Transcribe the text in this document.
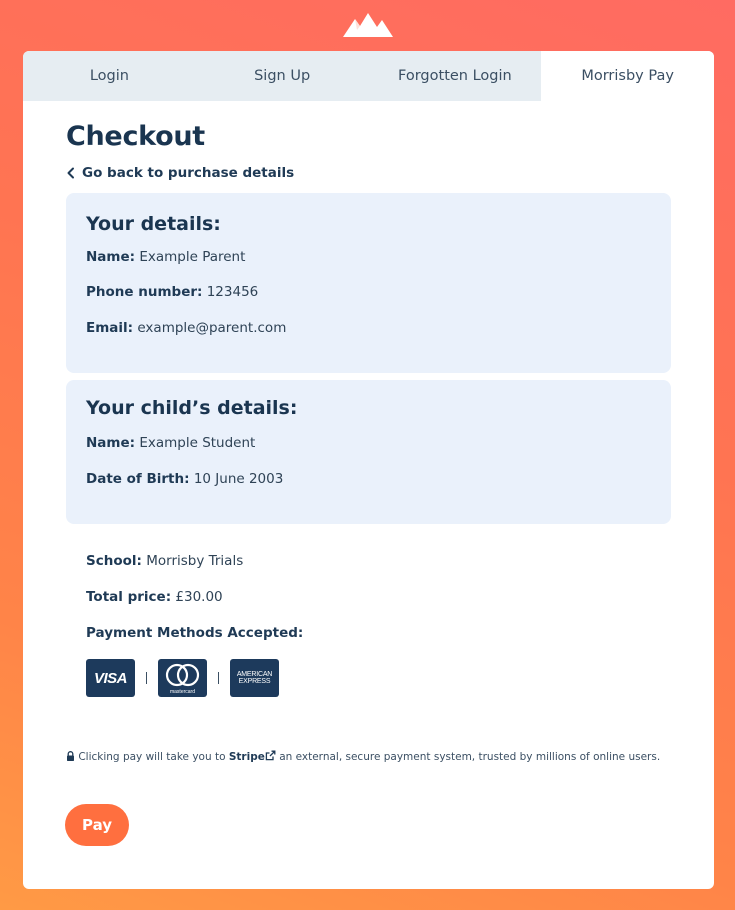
Login	Sign Up	Forgotten Login	Morrisby Pay
Checkout
Go back to purchase details
Your details:
Name: Example Parent
Phone number: 123456
Email: example@parent.com
Your child’s details:
Name: Example Student
Date of Birth: 10 June 2003
School: Morrisby Trials
Total price: £30.00
Payment Methods Accepted:
VISA
mastercard
AMERICAN
EXPRESS
Clicking pay will take you to Stripe an external, secure payment system, trusted by millions of online users.
Pay
